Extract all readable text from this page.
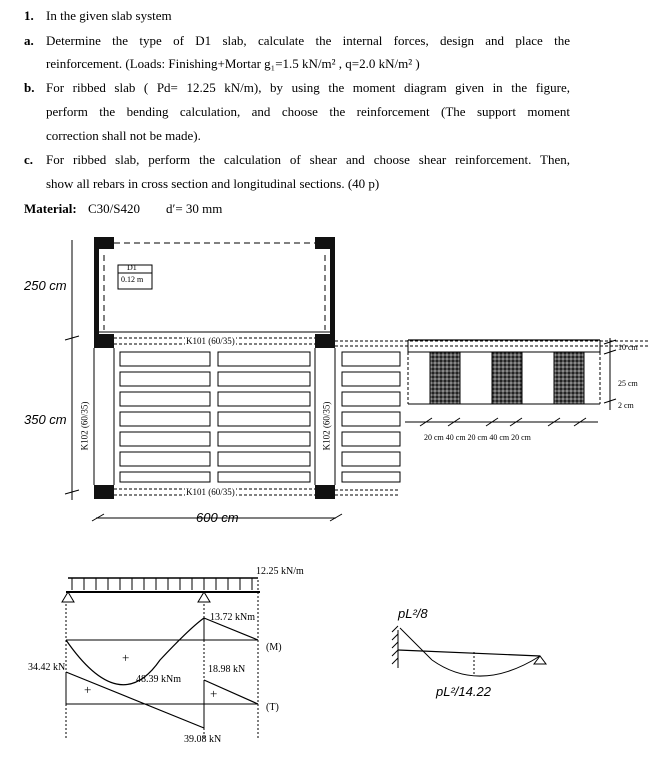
1. In the given slab system
a. Determine the type of D1 slab, calculate the internal forces, design and place the
reinforcement. (Loads: Finishing+Mortar g₁=1.5 kN/m² , q=2.0 kN/m² )
b. For ribbed slab ( Pd= 12.25 kN/m), by using the moment diagram given in the figure,
perform the bending calculation, and choose the reinforcement (The support moment
correction shall not be made).
c. For ribbed slab, perform the calculation of shear and choose shear reinforcement. Then,
show all rebars in cross section and longitudinal sections. (40 p)
Material: C30/S420 d′= 30 mm
250 cm
350 cm
600 cm
D1
0.12 m
K101 (60/35)
K101 (60/35)
K102 (60/35)	K102 (60/35)
10 cm
25 cm
2 cm
20 cm 40 cm 20 cm 40 cm 20 cm
12.25 kN/m
13.72 kNm
48.39 kNm
34.42 kN	18.98 kN
39.08 kN
(M)
(T)
+
+	+
pL²/8
pL²/14.22
